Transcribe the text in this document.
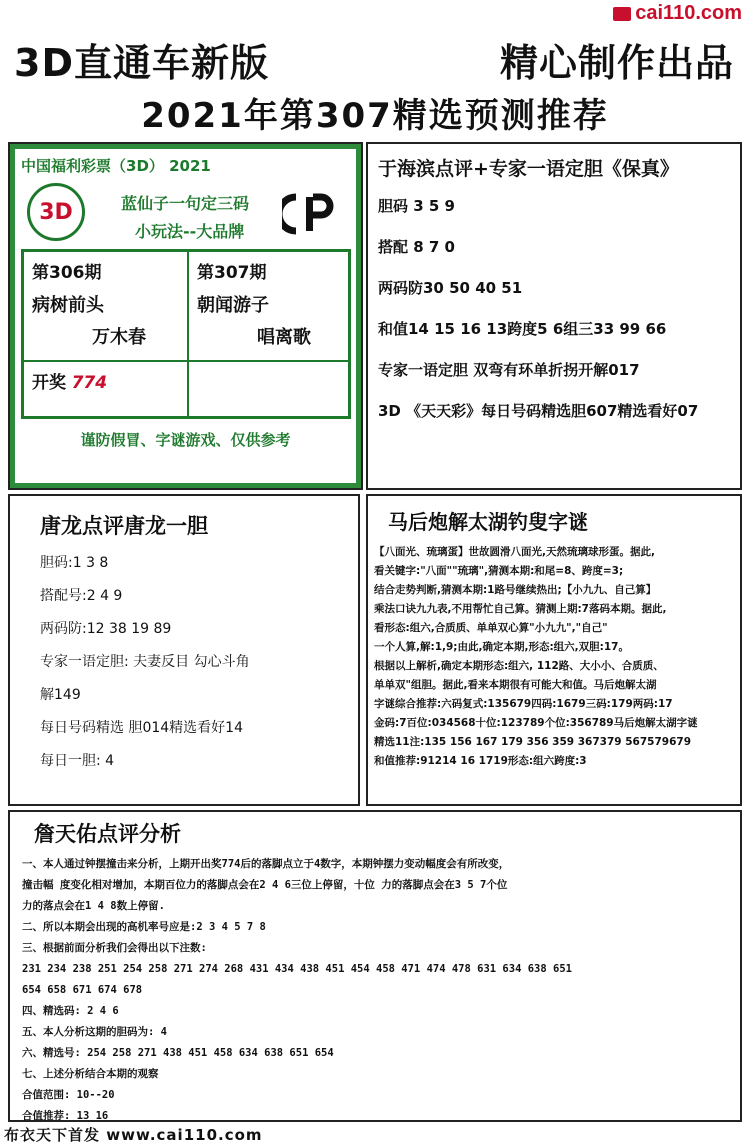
cai110.com
3D直通车新版	精心制作出品
2021年第307精选预测推荐
中国福利彩票（3D） 2021
3D	蓝仙子一句定三码
小玩法--大品牌
第306期
病树前头
万木春
第307期
朝闻游子
唱离歌
开奖 774
谨防假冒、字谜游戏、仅供参考
于海滨点评+专家一语定胆《保真》
胆码 3 5 9
搭配 8 7 0
两码防30 50 40 51
和值14 15 16 13跨度5 6组三33 99 66
专家一语定胆 双弯有环单折拐开解017
3D 《天天彩》每日号码精选胆607精选看好07
唐龙点评唐龙一胆
胆码:1 3 8
搭配号:2 4 9
两码防:12 38 19 89
专家一语定胆: 夫妻反目 勾心斗角
解149
每日号码精选 胆014精选看好14
每日一胆: 4
马后炮解太湖钓叟字谜
【八面光、琉璃蛋】世故圆滑八面光,天然琉璃球形蛋。据此,
看关键字:"八面""琉璃",猜测本期:和尾=8、跨度=3;
结合走势判断,猜测本期:1路号继续热出;【小九九、自己算】
乘法口诀九九表,不用帮忙自己算。猜测上期:7落码本期。据此,
看形态:组六,合质质、单单双心算"小九九","自己"
一个人算,解:1,9;由此,确定本期,形态:组六,双胆:17。
根据以上解析,确定本期形态:组六, 112路、大小小、合质质、
单单双"组胆。据此,看来本期很有可能大和值。马后炮解太湖
字谜综合推荐:六码复式:135679四码:1679三码:179两码:17
金码:7百位:034568十位:123789个位:356789马后炮解太湖字谜
精选11注:135 156 167 179 356 359 367379 567579679
和值推荐:91214 16 1719形态:组六跨度:3
詹天佑点评分析
一、本人通过钟摆撞击来分析，上期开出奖774后的落脚点立于4数字，本期钟摆力变动幅度会有所改变，
撞击幅 度变化相对增加，本期百位力的落脚点会在2 4 6三位上停留，十位 力的落脚点会在3 5 7个位
力的落点会在1 4 8数上停留.
二、所以本期会出现的高机率号应是:2 3 4 5 7 8
三、根据前面分析我们会得出以下注数:
231 234 238 251 254 258 271 274 268 431 434 438 451 454 458 471 474 478 631 634 638 651
654 658 671 674 678
四、精选码: 2 4 6
五、本人分析这期的胆码为: 4
六、精选号: 254 258 271 438 451 458 634 638 651 654
七、上述分析结合本期的观察
合值范围: 10--20
合值推荐: 13 16
布衣天下首发 www.cai110.com
